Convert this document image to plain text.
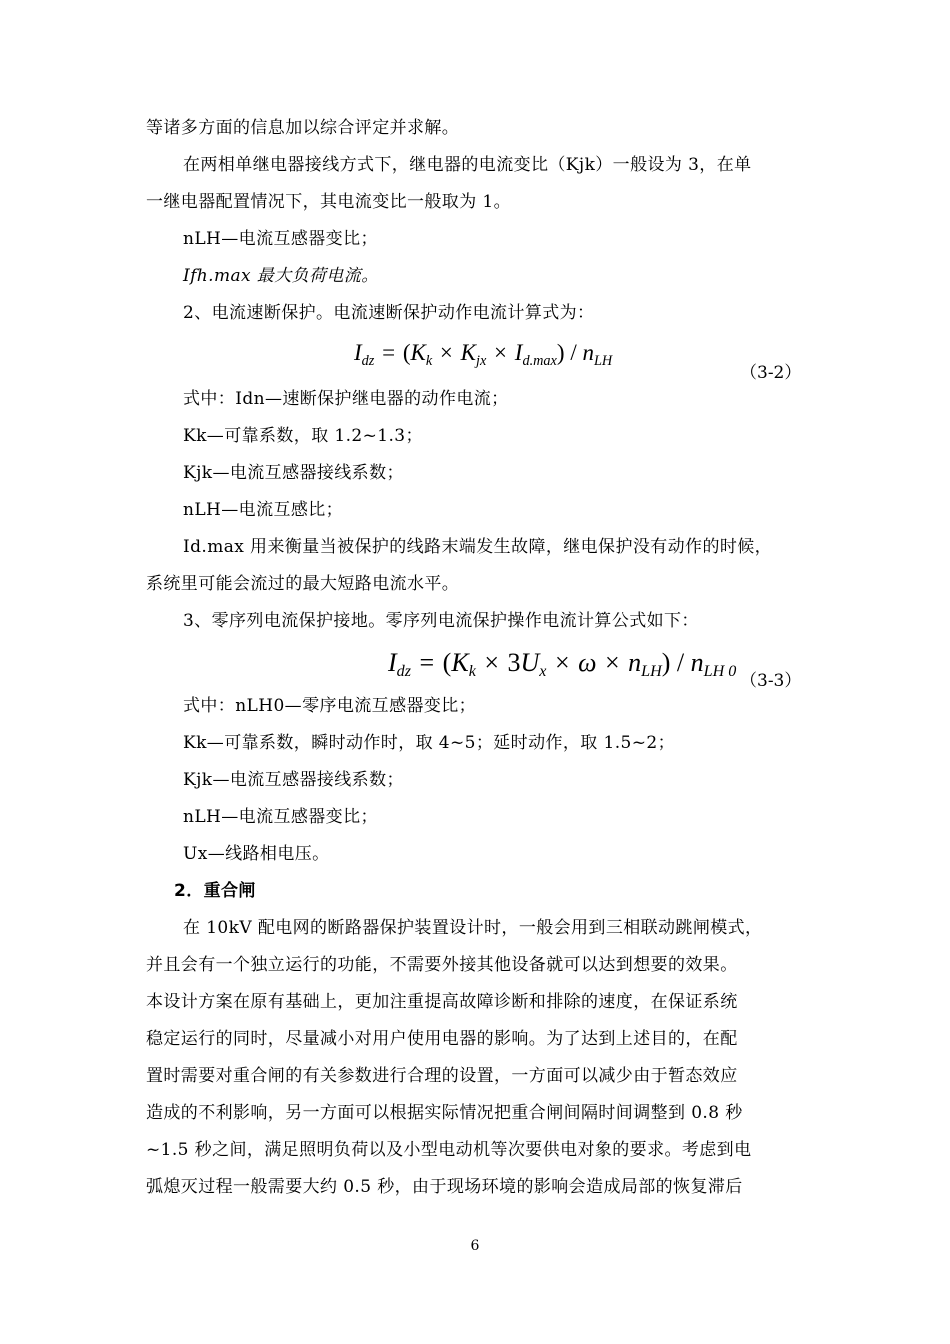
等诸多方面的信息加以综合评定并求解。
在两相单继电器接线方式下，继电器的电流变比（Kjk）一般设为 3，在单
一继电器配置情况下，其电流变比一般取为 1。
nLH—电流互感器变比；
Ifh.max 最大负荷电流。
2、电流速断保护。电流速断保护动作电流计算式为：
$I_{dz} = (K_k \times K_{jx} \times I_{d.max}) / n_{LH}$
（3-2）
式中：Idn—速断保护继电器的动作电流；
Kk—可靠系数，取 1.2~1.3；
Kjk—电流互感器接线系数；
nLH—电流互感比；
Id.max 用来衡量当被保护的线路末端发生故障，继电保护没有动作的时候，
系统里可能会流过的最大短路电流水平。
3、零序列电流保护接地。零序列电流保护操作电流计算公式如下：
$I_{dz} = (K_k \times 3U_x \times \omega \times n_{LH}) / n_{LH 0}$ （3-3）
式中：nLH0—零序电流互感器变比；
Kk—可靠系数，瞬时动作时，取 4~5；延时动作，取 1.5~2；
Kjk—电流互感器接线系数；
nLH—电流互感器变比；
Ux—线路相电压。
2．重合闸
在 10kV 配电网的断路器保护装置设计时，一般会用到三相联动跳闸模式，
并且会有一个独立运行的功能，不需要外接其他设备就可以达到想要的效果。
本设计方案在原有基础上，更加注重提高故障诊断和排除的速度，在保证系统
稳定运行的同时，尽量减小对用户使用电器的影响。为了达到上述目的，在配
置时需要对重合闸的有关参数进行合理的设置，一方面可以减少由于暂态效应
造成的不利影响，另一方面可以根据实际情况把重合闸间隔时间调整到 0.8 秒
~1.5 秒之间，满足照明负荷以及小型电动机等次要供电对象的要求。考虑到电
弧熄灭过程一般需要大约 0.5 秒，由于现场环境的影响会造成局部的恢复滞后
6
